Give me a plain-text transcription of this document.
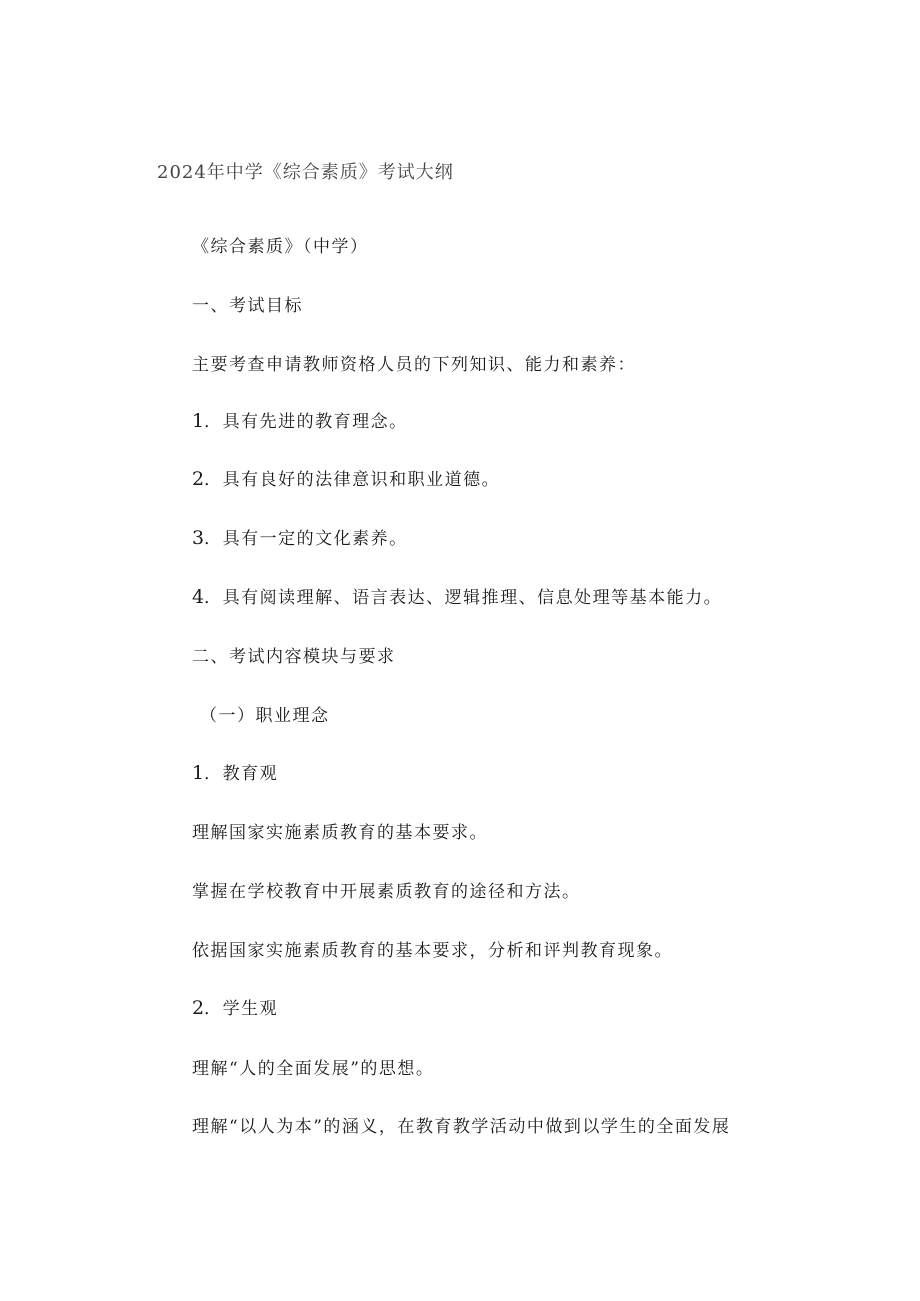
2024年中学《综合素质》考试大纲
《综合素质》（中学）
一、考试目标
主要考查申请教师资格人员的下列知识、能力和素养：
1．具有先进的教育理念。
2．具有良好的法律意识和职业道德。
3．具有一定的文化素养。
4．具有阅读理解、语言表达、逻辑推理、信息处理等基本能力。
二、考试内容模块与要求
（一）职业理念
1．教育观
理解国家实施素质教育的基本要求。
掌握在学校教育中开展素质教育的途径和方法。
依据国家实施素质教育的基本要求，分析和评判教育现象。
2．学生观
理解“人的全面发展”的思想。
理解“以人为本”的涵义，在教育教学活动中做到以学生的全面发展
